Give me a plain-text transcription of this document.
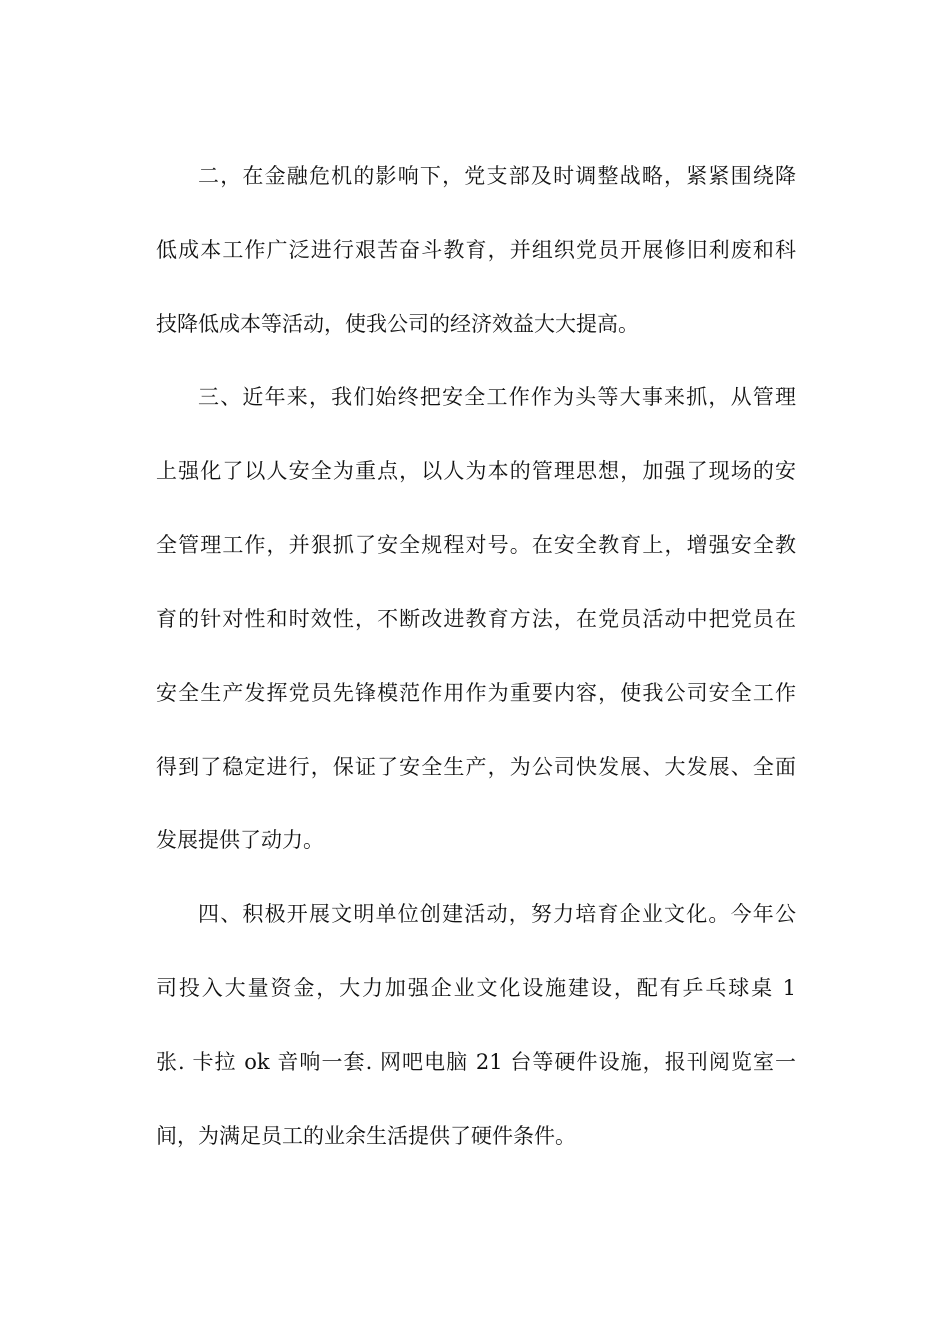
二，在金融危机的影响下，党支部及时调整战略，紧紧围绕降
低成本工作广泛进行艰苦奋斗教育，并组织党员开展修旧利废和科
技降低成本等活动，使我公司的经济效益大大提高。
三、近年来，我们始终把安全工作作为头等大事来抓，从管理
上强化了以人安全为重点，以人为本的管理思想，加强了现场的安
全管理工作，并狠抓了安全规程对号。在安全教育上，增强安全教
育的针对性和时效性，不断改进教育方法，在党员活动中把党员在
安全生产发挥党员先锋模范作用作为重要内容，使我公司安全工作
得到了稳定进行，保证了安全生产，为公司快发展、大发展、全面
发展提供了动力。
四、积极开展文明单位创建活动，努力培育企业文化。今年公
司投入大量资金，大力加强企业文化设施建设，配有乒乓球桌 1
张. 卡拉 ok 音响一套. 网吧电脑 21 台等硬件设施，报刊阅览室一
间，为满足员工的业余生活提供了硬件条件。
